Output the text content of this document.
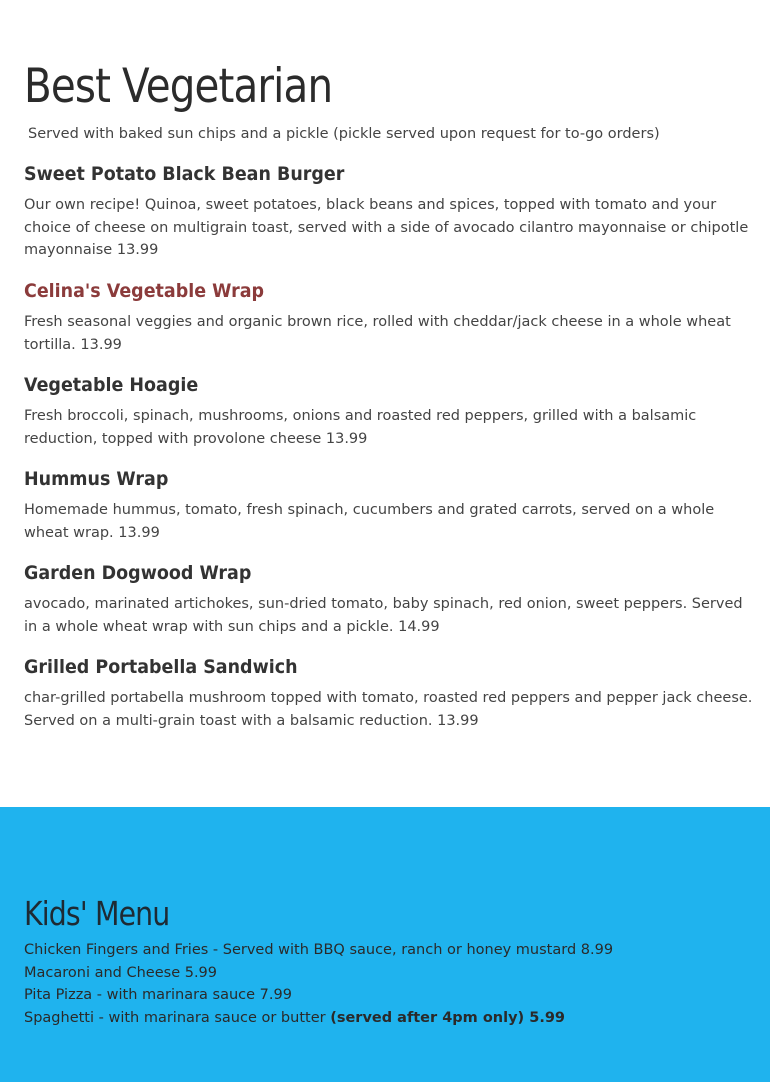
Best Vegetarian
Served with baked sun chips and a pickle (pickle served upon request for to-go orders)
Sweet Potato Black Bean Burger

Our own recipe! Quinoa, sweet potatoes, black beans and spices, topped with tomato and your choice of cheese on multigrain toast, served with a side of avocado cilantro mayonnaise or chipotle mayonnaise 13.99

Celina's Vegetable Wrap

Fresh seasonal veggies and organic brown rice, rolled with cheddar/jack cheese in a whole wheat tortilla. 13.99

Vegetable Hoagie

Fresh broccoli, spinach, mushrooms, onions and roasted red peppers, grilled with a balsamic reduction, topped with provolone cheese 13.99

Hummus Wrap

Homemade hummus, tomato, fresh spinach, cucumbers and grated carrots, served on a whole wheat wrap. 13.99

Garden Dogwood Wrap

avocado, marinated artichokes, sun-dried tomato, baby spinach, red onion, sweet peppers. Served in a whole wheat wrap with sun chips and a pickle. 14.99

Grilled Portabella Sandwich

char-grilled portabella mushroom topped with tomato, roasted red peppers and pepper jack cheese. Served on a multi-grain toast with a balsamic reduction. 13.99

Kids' Menu
Chicken Fingers and Fries - Served with BBQ sauce, ranch or honey mustard 8.99
Macaroni and Cheese 5.99
Pita Pizza - with marinara sauce 7.99
Spaghetti - with marinara sauce or butter (served after 4pm only) 5.99
